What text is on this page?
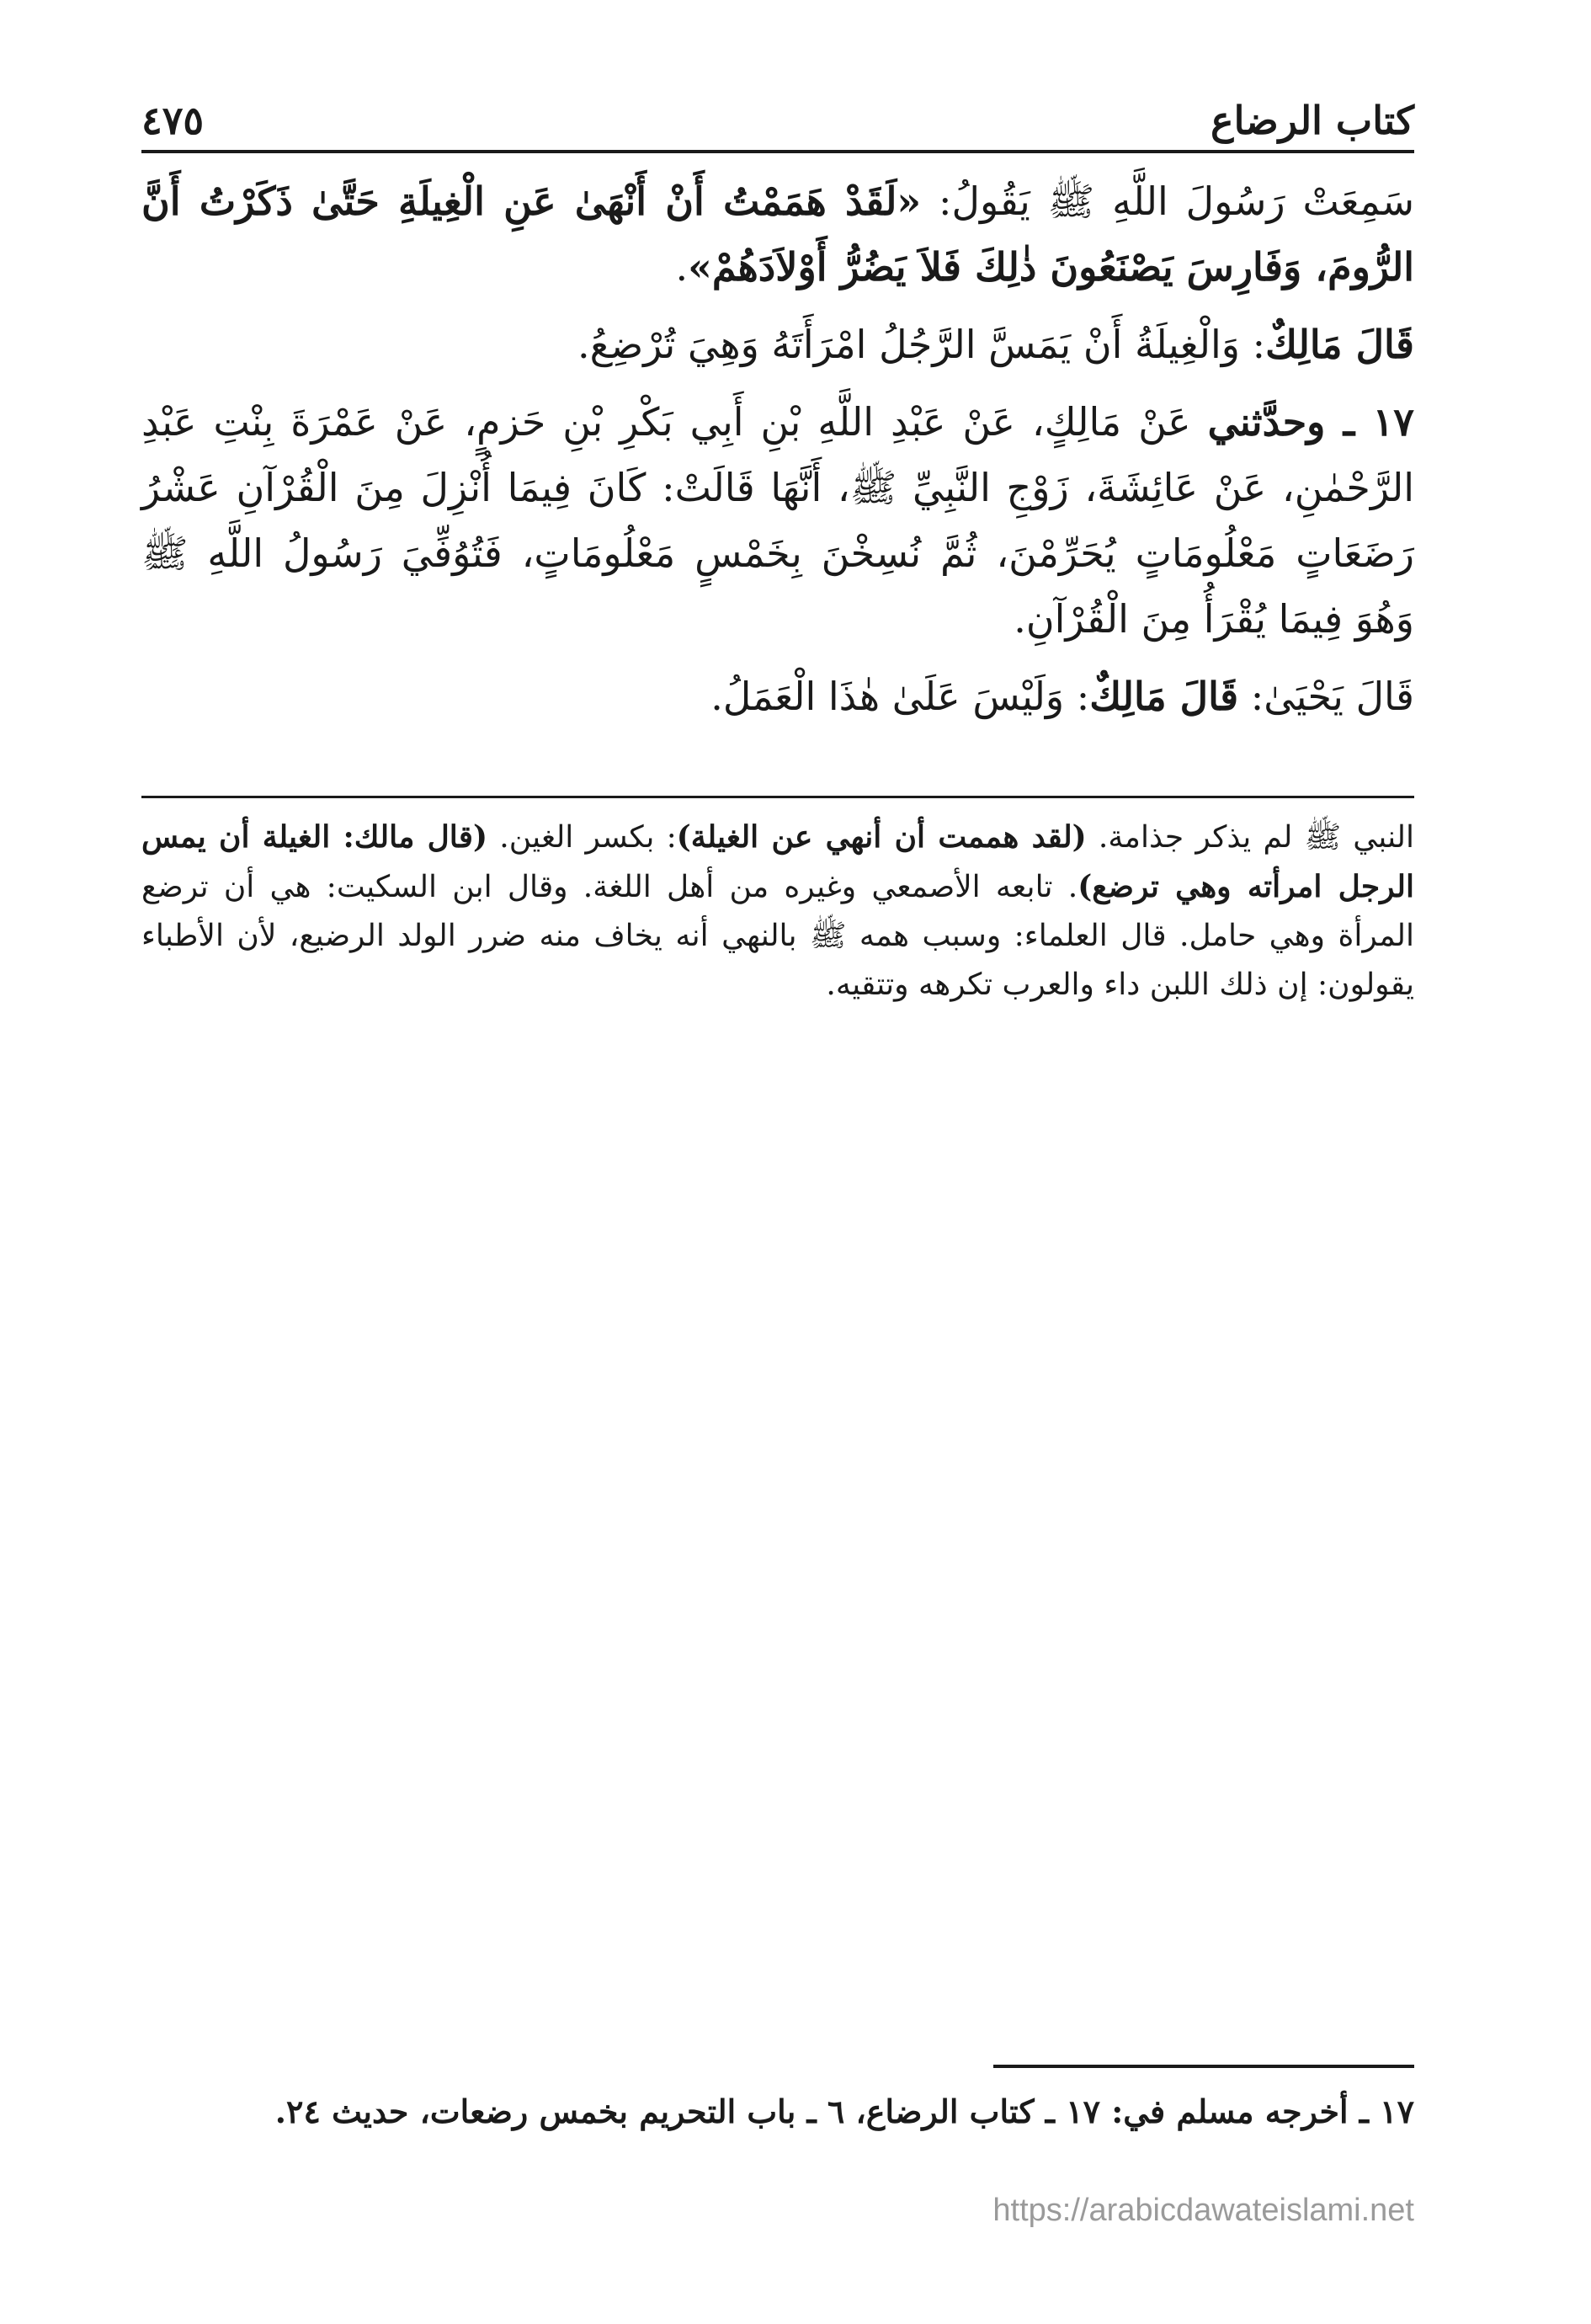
كتاب الرضاع
٤٧٥

سَمِعَتْ رَسُولَ اللَّهِ ﷺ يَقُولُ: «لَقَدْ هَمَمْتُ أَنْ أَنْهَىٰ عَنِ الْغِيلَةِ حَتَّىٰ ذَكَرْتُ أَنَّ الرُّومَ، وَفَارِسَ يَصْنَعُونَ ذٰلِكَ فَلاَ يَضُرُّ أَوْلاَدَهُمْ».

قَالَ مَالِكٌ: وَالْغِيلَةُ أَنْ يَمَسَّ الرَّجُلُ امْرَأَتَهُ وَهِيَ تُرْضِعُ.

١٧ ـ وحدَّثني عَنْ مَالِكٍ، عَنْ عَبْدِ اللَّهِ بْنِ أَبِي بَكْرِ بْنِ حَزمٍ، عَنْ عَمْرَةَ بِنْتِ عَبْدِ الرَّحْمٰنِ، عَنْ عَائِشَةَ، زَوْجِ النَّبِيِّ ﷺ، أَنَّهَا قَالَتْ: كَانَ فِيمَا أُنْزِلَ مِنَ الْقُرْآنِ عَشْرُ رَضَعَاتٍ مَعْلُومَاتٍ يُحَرِّمْنَ، ثُمَّ نُسِخْنَ بِخَمْسٍ مَعْلُومَاتٍ، فَتُوُفِّيَ رَسُولُ اللَّهِ ﷺ وَهُوَ فِيمَا يُقْرَأُ مِنَ الْقُرْآنِ.

قَالَ يَحْيَىٰ: قَالَ مَالِكٌ: وَلَيْسَ عَلَىٰ هٰذَا الْعَمَلُ.

النبي ﷺ لم يذكر جذامة. (لقد هممت أن أنهي عن الغيلة): بكسر الغين. (قال مالك: الغيلة أن يمس الرجل امرأته وهي ترضع). تابعه الأصمعي وغيره من أهل اللغة. وقال ابن السكيت: هي أن ترضع المرأة وهي حامل. قال العلماء: وسبب همه ﷺ بالنهي أنه يخاف منه ضرر الولد الرضيع، لأن الأطباء يقولون: إن ذلك اللبن داء والعرب تكرهه وتتقيه.

١٧ ـ أخرجه مسلم في: ١٧ ـ كتاب الرضاع، ٦ ـ باب التحريم بخمس رضعات، حديث ٢٤.
https://arabicdawateislami.net
